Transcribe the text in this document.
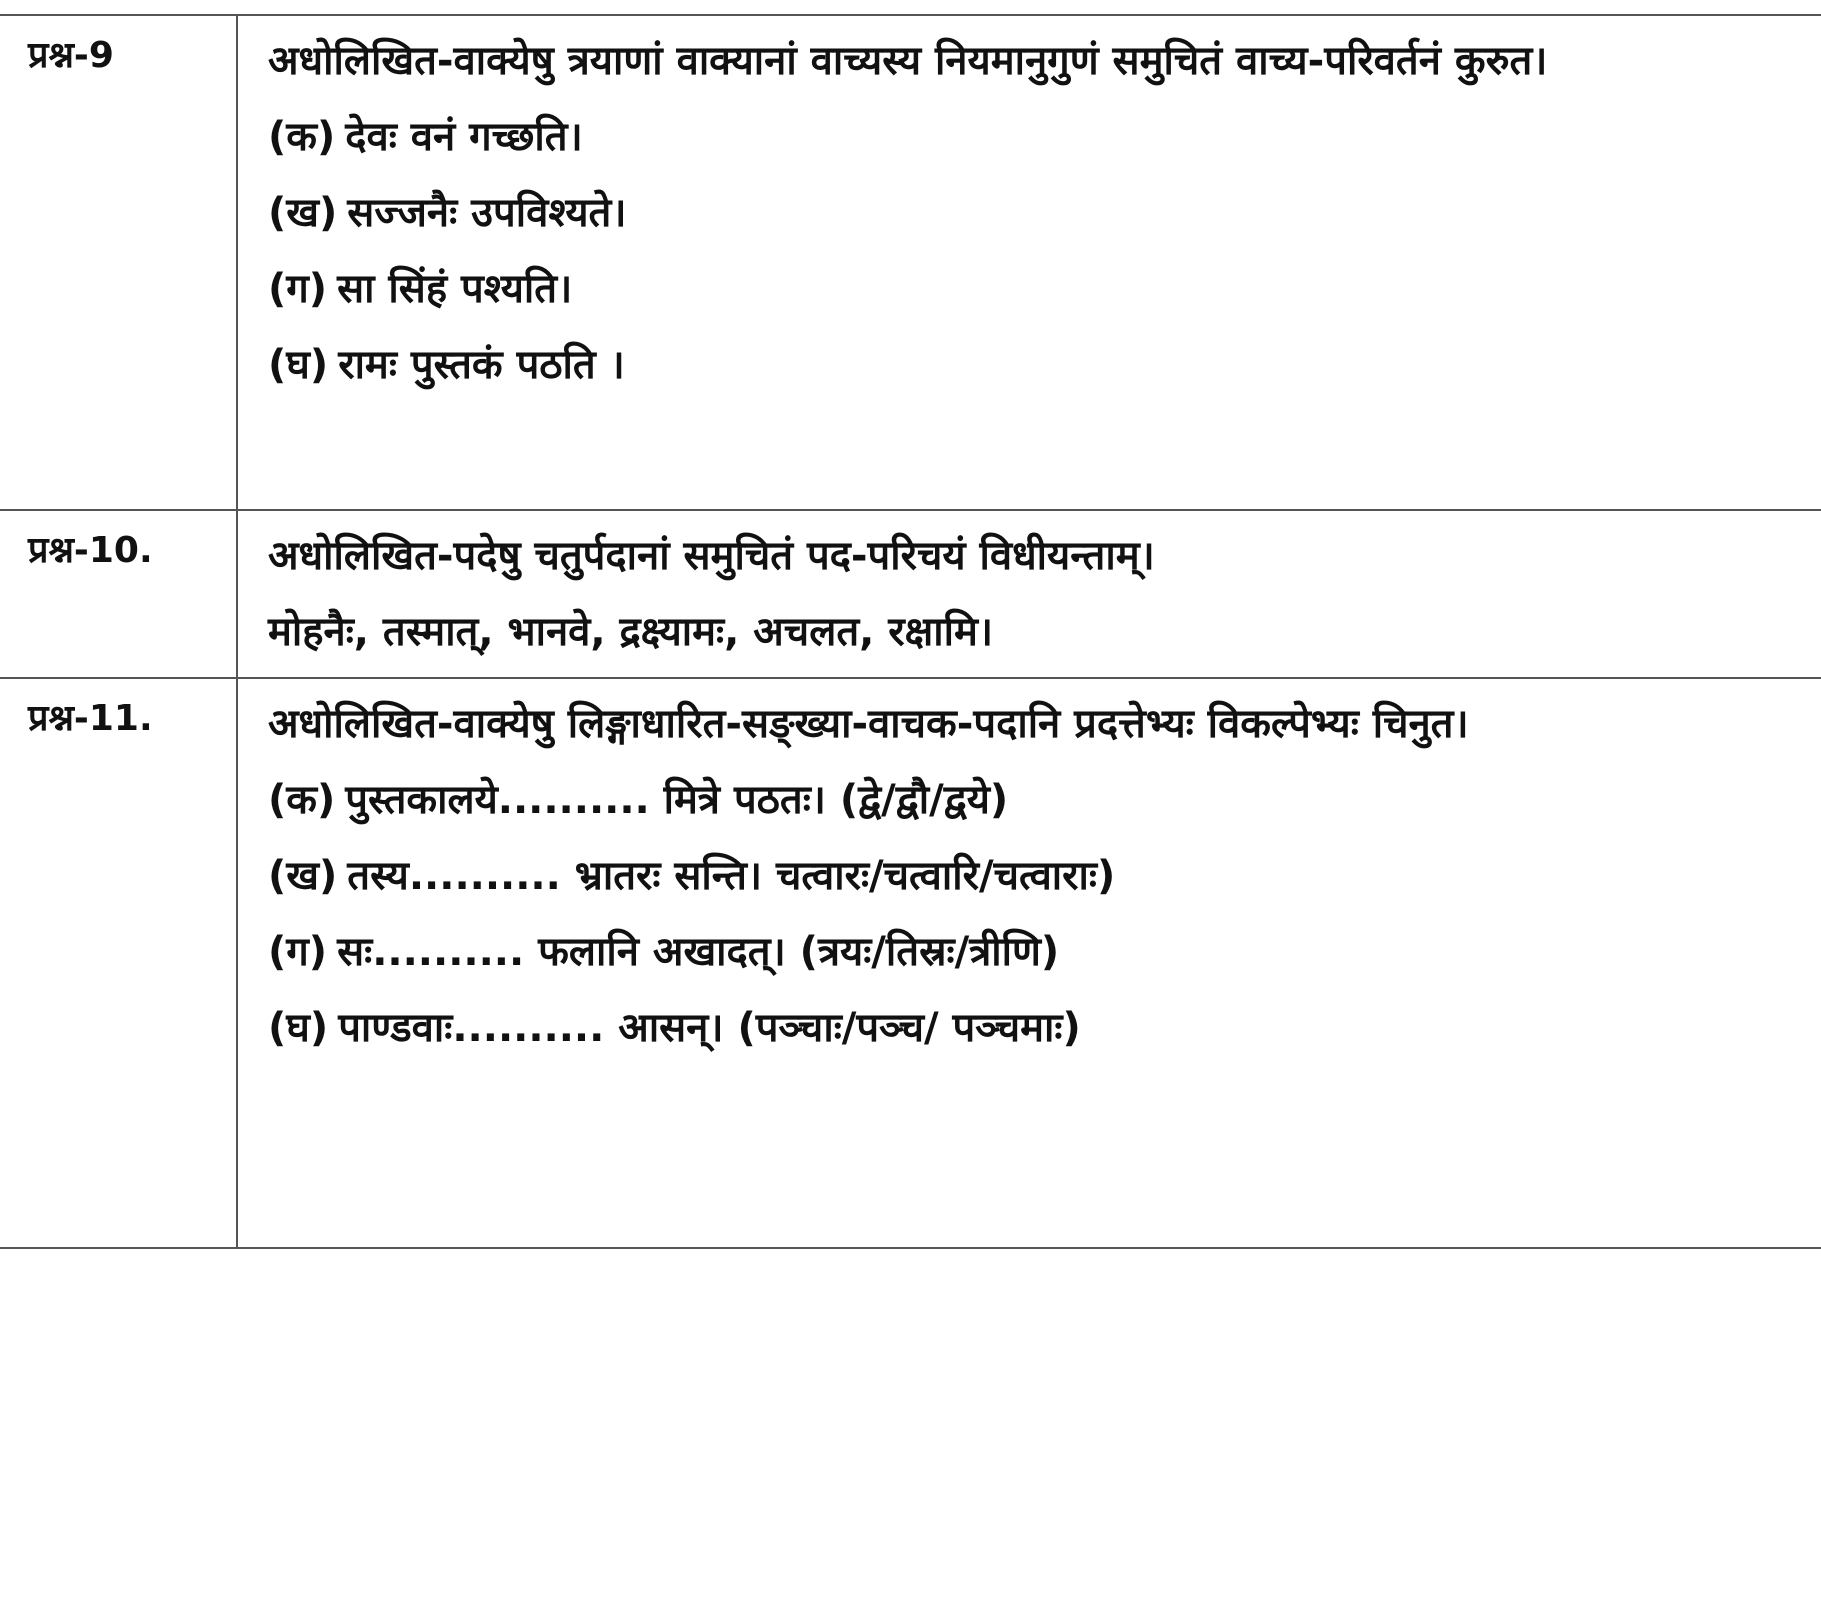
प्रश्न-9	अधोलिखित-वाक्येषु त्रयाणां वाक्यानां वाच्यस्य नियमानुगुणं समुचितं वाच्य-परिवर्तनं कुरुत।

(क) देवः वनं गच्छति।
(ख) सज्जनैः उपविश्यते।
(ग) सा सिंहं पश्यति।
(घ) रामः पुस्तकं पठति ।

प्रश्न-10.	अधोलिखित-पदेषु चतुर्पदानां समुचितं पद-परिचयं विधीयन्ताम्।

मोहनैः, तस्मात्, भानवे, द्रक्ष्यामः, अचलत, रक्षामि।

प्रश्न-11.	अधोलिखित-वाक्येषु लिङ्गाधारित-सङ्ख्या-वाचक-पदानि प्रदत्तेभ्यः विकल्पेभ्यः चिनुत।

(क) पुस्तकालये.......... मित्रे पठतः। (द्वे/द्वौ/द्वये)
(ख) तस्य.......... भ्रातरः सन्ति। चत्वारः/चत्वारि/चत्वाराः)
(ग) सः.......... फलानि अखादत्। (त्रयः/तिस्रः/त्रीणि)
(घ) पाण्डवाः.......... आसन्। (पञ्चाः/पञ्च/ पञ्चमाः)
